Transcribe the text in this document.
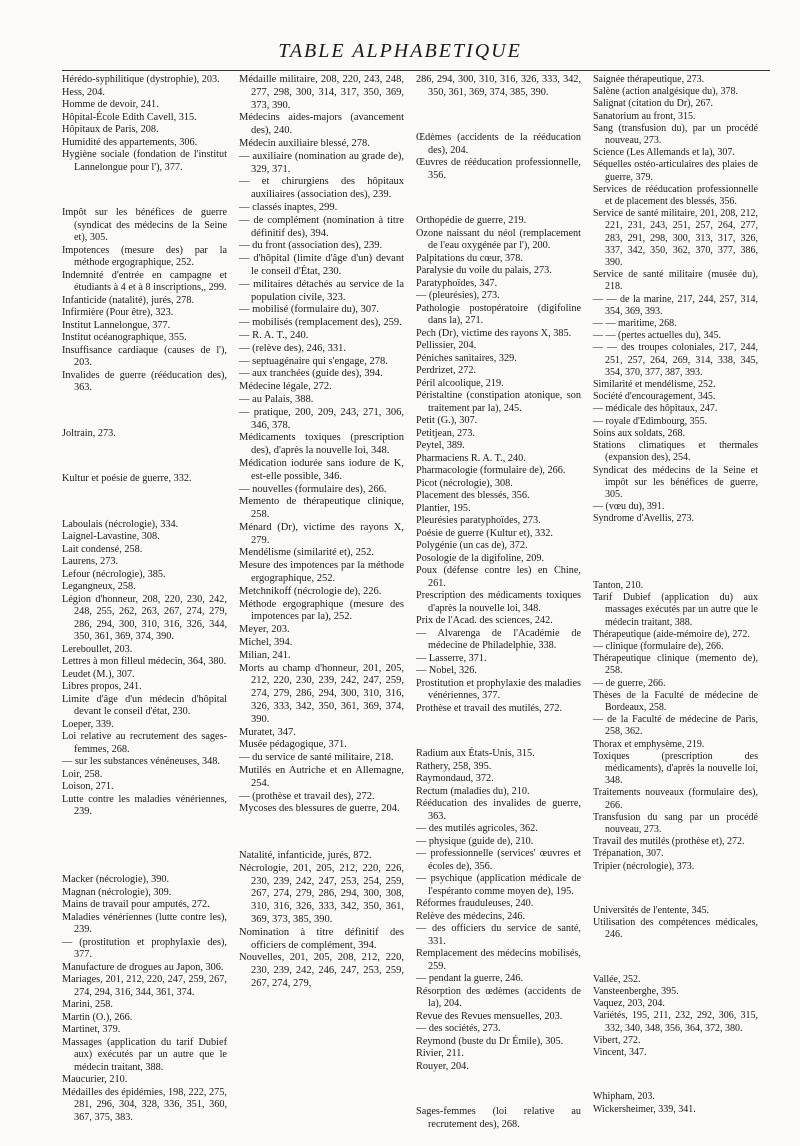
TABLE ALPHABETIQUE

Hérédo-syphilitique (dystrophie), 203.

Hess, 204.

Homme de devoir, 241.

Hôpital-École Edith Cavell, 315.

Hôpitaux de Paris, 208.

Humidité des appartements, 306.

Hygiène sociale (fondation de l'institut Lannelongue pour l'), 377.

Impôt sur les bénéfices de guerre (syndicat des médecins de la Seine et), 305.

Impotences (mesure des) par la méthode ergographique, 252.

Indemnité d'entrée en campagne et étudiants à 4 et à 8 inscriptions,, 299.

Infanticide (natalité), jurés, 278.

Infirmière (Pour être), 323.

Institut Lannelongue, 377.

Institut océanographique, 355.

Insuffisance cardiaque (causes de l'), 203.

Invalides de guerre (rééducation des), 363.

Joltrain, 273.

Kultur et poésie de guerre, 332.

Laboulais (nécrologie), 334.

Laignel-Lavastine, 308.

Lait condensé, 258.

Laurens, 273.

Lefour (nécrologie), 385.

Legangneux, 258.

Légion d'honneur, 208, 220, 230, 242, 248, 255, 262, 263, 267, 274, 279, 286, 294, 300, 310, 316, 326, 344, 350, 361, 369, 374, 390.

Lereboullet, 203.

Lettres à mon filleul médecin, 364, 380.

Leudet (M.), 307.

Libres propos, 241.

Limite d'âge d'un médecin d'hôpital devant le conseil d'état, 230.

Loeper, 339.

Loi relative au recrutement des sages-femmes, 268.

— sur les substances vénéneuses, 348.

Loir, 258.

Loison, 271.

Lutte contre les maladies vénériennes, 239.

Macker (nécrologie), 390.

Magnan (nécrologie), 309.

Mains de travail pour amputés, 272.

Maladies vénériennes (lutte contre les), 239.

— (prostitution et prophylaxie des), 377.

Manufacture de drogues au Japon, 306.

Mariages, 201, 212, 220, 247, 259, 267, 274, 294, 316, 344, 361, 374.

Marini, 258.

Martin (O.), 266.

Martinet, 379.

Massages (application du tarif Dubief aux) exécutés par un autre que le médecin traitant, 388.

Maucurier, 210.

Médailles des épidémies, 198, 222, 275, 281, 296, 304, 328, 336, 351, 360, 367, 375, 383.

Médaille militaire, 208, 220, 243, 248, 277, 298, 300, 314, 317, 350, 369, 373, 390.

Médecins aides-majors (avancement des), 240.

Médecin auxiliaire blessé, 278.

— auxiliaire (nomination au grade de), 329, 371.

— et chirurgiens des hôpitaux auxiliaires (association des), 239.

— classés inaptes, 299.

— de complément (nomination à titre définitif des), 394.

— du front (association des), 239.

— d'hôpital (limite d'âge d'un) devant le conseil d'État, 230.

— militaires détachés au service de la population civile, 323.

— mobilisé (formulaire du), 307.

— mobilisés (remplacement des), 259.

— R. A. T., 240.

— (relève des), 246, 331.

— septuagénaire qui s'engage, 278.

— aux tranchées (guide des), 394.

Médecine légale, 272.

— au Palais, 388.

— pratique, 200, 209, 243, 271, 306, 346, 378.

Médicaments toxiques (prescription des), d'après la nouvelle loi, 348.

Médication iodurée sans iodure de K, est-elle possible, 346.

— nouvelles (formulaire des), 266.

Memento de thérapeutique clinique, 258.

Ménard (Dr), victime des rayons X, 279.

Mendélisme (similarité et), 252.

Mesure des impotences par la méthode ergographique, 252.

Metchnikoff (nécrologie de), 226.

Méthode ergographique (mesure des impotences par la), 252.

Meyer, 203.

Michel, 394.

Milian, 241.

Morts au champ d'honneur, 201, 205, 212, 220, 230, 239, 242, 247, 259, 274, 279, 286, 294, 300, 310, 316, 326, 333, 342, 350, 361, 369, 374, 390.

Muratet, 347.

Musée pédagogique, 371.

— du service de santé militaire, 218.

Mutilés en Autriche et en Allemagne, 254.

— (prothèse et travail des), 272.

Mycoses des blessures de guerre, 204.

Natalité, infanticide, jurés, 872.

Nécrologie, 201, 205, 212, 220, 226, 230, 239, 242, 247, 253, 254, 259, 267, 274, 279, 286, 294, 300, 308, 310, 316, 326, 333, 342, 350, 361, 369, 373, 385, 390.

Nomination à titre définitif des officiers de complément, 394.

Nouvelles, 201, 205, 208, 212, 220, 230, 239, 242, 246, 247, 253, 259, 267, 274, 279,

286, 294, 300, 310, 316, 326, 333, 342, 350, 361, 369, 374, 385, 390.

Œdèmes (accidents de la rééducation des), 204.

Œuvres de rééducation professionnelle, 356.

Orthopédie de guerre, 219.

Ozone naissant du néol (remplacement de l'eau oxygénée par l'), 200.

Palpitations du cœur, 378.

Paralysie du voile du palais, 273.

Paratyphoïdes, 347.

— (pleurésies), 273.

Pathologie postopératoire (digifoline dans la), 271.

Pech (Dr), victime des rayons X, 385.

Pellissier, 204.

Péniches sanitaires, 329.

Perdrizet, 272.

Péril alcoolique, 219.

Péristaltine (constipation atonique, son traitement par la), 245.

Petit (G.), 307.

Petitjean, 273.

Peytel, 389.

Pharmaciens R. A. T., 240.

Pharmacologie (formulaire de), 266.

Picot (nécrologie), 308.

Placement des blessés, 356.

Plantier, 195.

Pleurésies paratyphoïdes, 273.

Poésie de guerre (Kultur et), 332.

Polygénie (un cas de), 372.

Posologie de la digifoline, 209.

Poux (défense contre les) en Chine, 261.

Prescription des médicaments toxiques d'après la nouvelle loi, 348.

Prix de l'Acad. des sciences, 242.

— Alvarenga de l'Académie de médecine de Philadelphie, 338.

— Lasserre, 371.

— Nobel, 326.

Prostitution et prophylaxie des maladies vénériennes, 377.

Prothèse et travail des mutilés, 272.

Radium aux États-Unis, 315.

Rathery, 258, 395.

Raymondaud, 372.

Rectum (maladies du), 210.

Rééducation des invalides de guerre, 363.

— des mutilés agricoles, 362.

— physique (guide de), 210.

— professionnelle (services' œuvres et écoles de), 356.

— psychique (application médicale de l'espéranto comme moyen de), 195.

Réformes frauduleuses, 240.

Relève des médecins, 246.

— des officiers du service de santé, 331.

Remplacement des médecins mobilisés, 259.

— pendant la guerre, 246.

Résorption des œdèmes (accidents de la), 204.

Revue des Revues mensuelles, 203.

— des sociétés, 273.

Reymond (buste du Dr Émile), 305.

Rivier, 211.

Rouyer, 204.

Sages-femmes (loi relative au recrutement des), 268.

Saignée thérapeutique, 273.

Salène (action analgésique du), 378.

Salignat (citation du Dr), 267.

Sanatorium au front, 315.

Sang (transfusion du), par un procédé nouveau, 273.

Science (Les Allemands et la), 307.

Séquelles ostéo-articulaires des plaies de guerre, 379.

Services de rééducation professionnelle et de placement des blessés, 356.

Service de santé militaire, 201, 208, 212, 221, 231, 243, 251, 257, 264, 277, 283, 291, 298, 300, 313, 317, 326, 337, 342, 350, 362, 370, 377, 386, 390.

Service de santé militaire (musée du), 218.

— — de la marine, 217, 244, 257, 314, 354, 369, 393.

— — maritime, 268.

— — (pertes actuelles du), 345.

— — des troupes coloniales, 217, 244, 251, 257, 264, 269, 314, 338, 345, 354, 370, 377, 387, 393.

Similarité et mendélisme, 252.

Société d'encouragement, 345.

— médicale des hôpitaux, 247.

— royale d'Edimbourg, 355.

Soins aux soldats, 268.

Stations climatiques et thermales (expansion des), 254.

Syndicat des médecins de la Seine et impôt sur les bénéfices de guerre, 305.

— (vœu du), 391.

Syndrome d'Avellis, 273.

Tanton, 210.

Tarif Dubief (application du) aux massages exécutés par un autre que le médecin traitant, 388.

Thérapeutique (aide-mémoire de), 272.

— clinique (formulaire de), 266.

Thérapeutique clinique (memento de), 258.

— de guerre, 266.

Thèses de la Faculté de médecine de Bordeaux, 258.

— de la Faculté de médecine de Paris, 258, 362.

Thorax et emphysème, 219.

Toxiques (prescription des médicaments), d'après la nouvelle loi, 348.

Traitements nouveaux (formulaire des), 266.

Transfusion du sang par un procédé nouveau, 273.

Travail des mutilés (prothèse et), 272.

Trépanation, 307.

Tripier (nécrologie), 373.

Universités de l'entente, 345.

Utilisation des compétences médicales, 246.

Vallée, 252.

Vansteenberghe, 395.

Vaquez, 203, 204.

Variétés, 195, 211, 232, 292, 306, 315, 332, 340, 348, 356, 364, 372, 380.

Vibert, 272.

Vincent, 347.

Whipham, 203.

Wickersheimer, 339, 341.
